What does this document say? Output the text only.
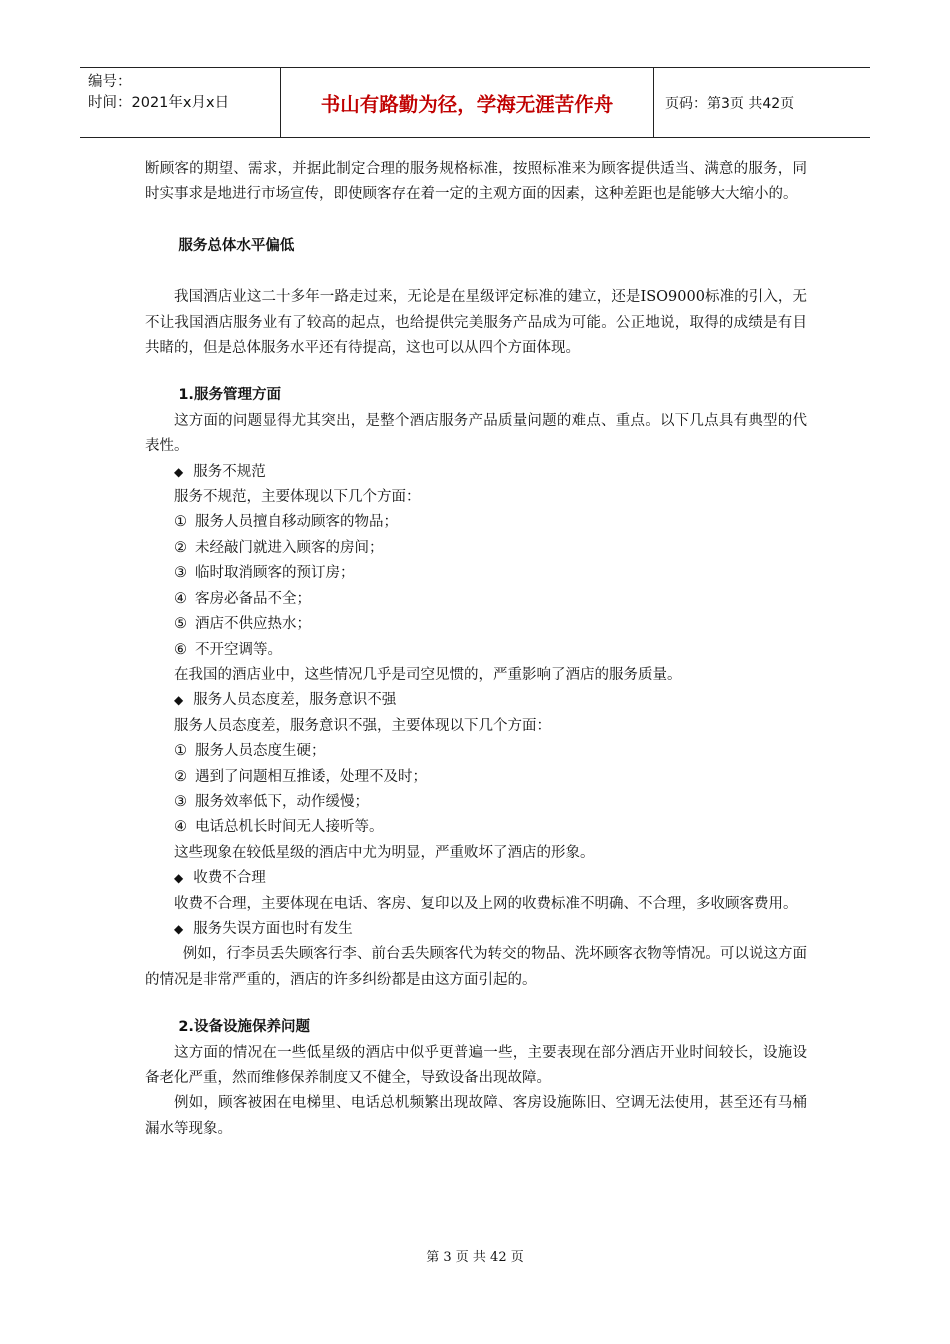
编号：
时间：2021年x月x日	书山有路勤为径，学海无涯苦作舟	页码：第3页 共42页

断顾客的期望、需求，并据此制定合理的服务规格标准，按照标准来为顾客提供适当、满意的服务，同时实事求是地进行市场宣传，即使顾客存在着一定的主观方面的因素，这种差距也是能够大大缩小的。

服务总体水平偏低

我国酒店业这二十多年一路走过来，无论是在星级评定标准的建立，还是ISO9000标准的引入，无不让我国酒店服务业有了较高的起点，也给提供完美服务产品成为可能。公正地说，取得的成绩是有目共睹的，但是总体服务水平还有待提高，这也可以从四个方面体现。

1.服务管理方面

这方面的问题显得尤其突出，是整个酒店服务产品质量问题的难点、重点。以下几点具有典型的代表性。

◆ 服务不规范

服务不规范，主要体现以下几个方面：

① 服务人员擅自移动顾客的物品；

② 未经敲门就进入顾客的房间；

③ 临时取消顾客的预订房；

④ 客房必备品不全；

⑤ 酒店不供应热水；

⑥ 不开空调等。

在我国的酒店业中，这些情况几乎是司空见惯的，严重影响了酒店的服务质量。

◆ 服务人员态度差，服务意识不强

服务人员态度差，服务意识不强，主要体现以下几个方面：

① 服务人员态度生硬；

② 遇到了问题相互推诿，处理不及时；

③ 服务效率低下，动作缓慢；

④ 电话总机长时间无人接听等。

这些现象在较低星级的酒店中尤为明显，严重败坏了酒店的形象。

◆ 收费不合理

收费不合理，主要体现在电话、客房、复印以及上网的收费标准不明确、不合理，多收顾客费用。

◆ 服务失误方面也时有发生

例如，行李员丢失顾客行李、前台丢失顾客代为转交的物品、洗坏顾客衣物等情况。可以说这方面的情况是非常严重的，酒店的许多纠纷都是由这方面引起的。

2.设备设施保养问题

这方面的情况在一些低星级的酒店中似乎更普遍一些，主要表现在部分酒店开业时间较长，设施设备老化严重，然而维修保养制度又不健全，导致设备出现故障。

例如，顾客被困在电梯里、电话总机频繁出现故障、客房设施陈旧、空调无法使用，甚至还有马桶漏水等现象。

第 3 页 共 42 页
